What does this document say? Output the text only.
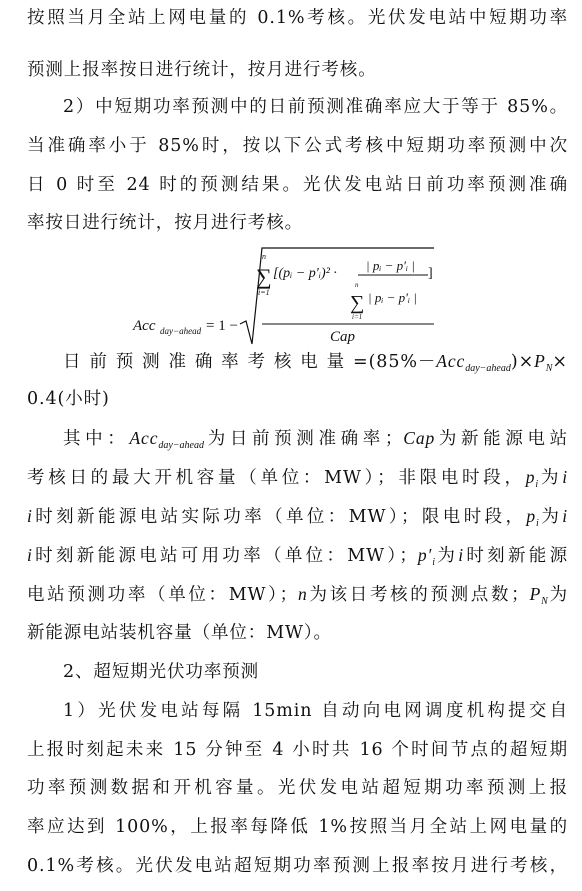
按照当月全站上网电量的 0.1%考核。光伏发电站中短期功率
预测上报率按日进行统计，按月进行考核。
2）中短期功率预测中的日前预测准确率应大于等于 85%。
当准确率小于 85%时，按以下公式考核中短期功率预测中次
日 0 时至 24 时的预测结果。光伏发电站日前功率预测准确
率按日进行统计，按月进行考核。
Acc day−ahead = 1 −
n
∑
i=1
[(pᵢ − p′ᵢ)² ·
| pᵢ − p′ᵢ |
n
∑
i=1
| pᵢ − p′ᵢ |
]
Cap
日前预测准确率考核电量$=(85\%-Acc_{day-ahead})\times P_N\times$
0.4(小时)
其中：Acc$_{day-ahead}$为日前预测准确率；Cap为新能源电站
考核日的最大开机容量（单位：MW）；非限电时段，$p_i$为i
i时刻新能源电站实际功率（单位：MW）；限电时段，$p_i$为i
i时刻新能源电站可用功率（单位：MW）；$p'_i$为i时刻新能源
电站预测功率（单位：MW）；n为该日考核的预测点数；$P_N$为
新能源电站装机容量（单位：MW）。
2、超短期光伏功率预测
1）光伏发电站每隔 15min 自动向电网调度机构提交自
上报时刻起未来 15 分钟至 4 小时共 16 个时间节点的超短期
功率预测数据和开机容量。光伏发电站超短期功率预测上报
率应达到 100%，上报率每降低 1%按照当月全站上网电量的
0.1%考核。光伏发电站超短期功率预测上报率按月进行考核，
